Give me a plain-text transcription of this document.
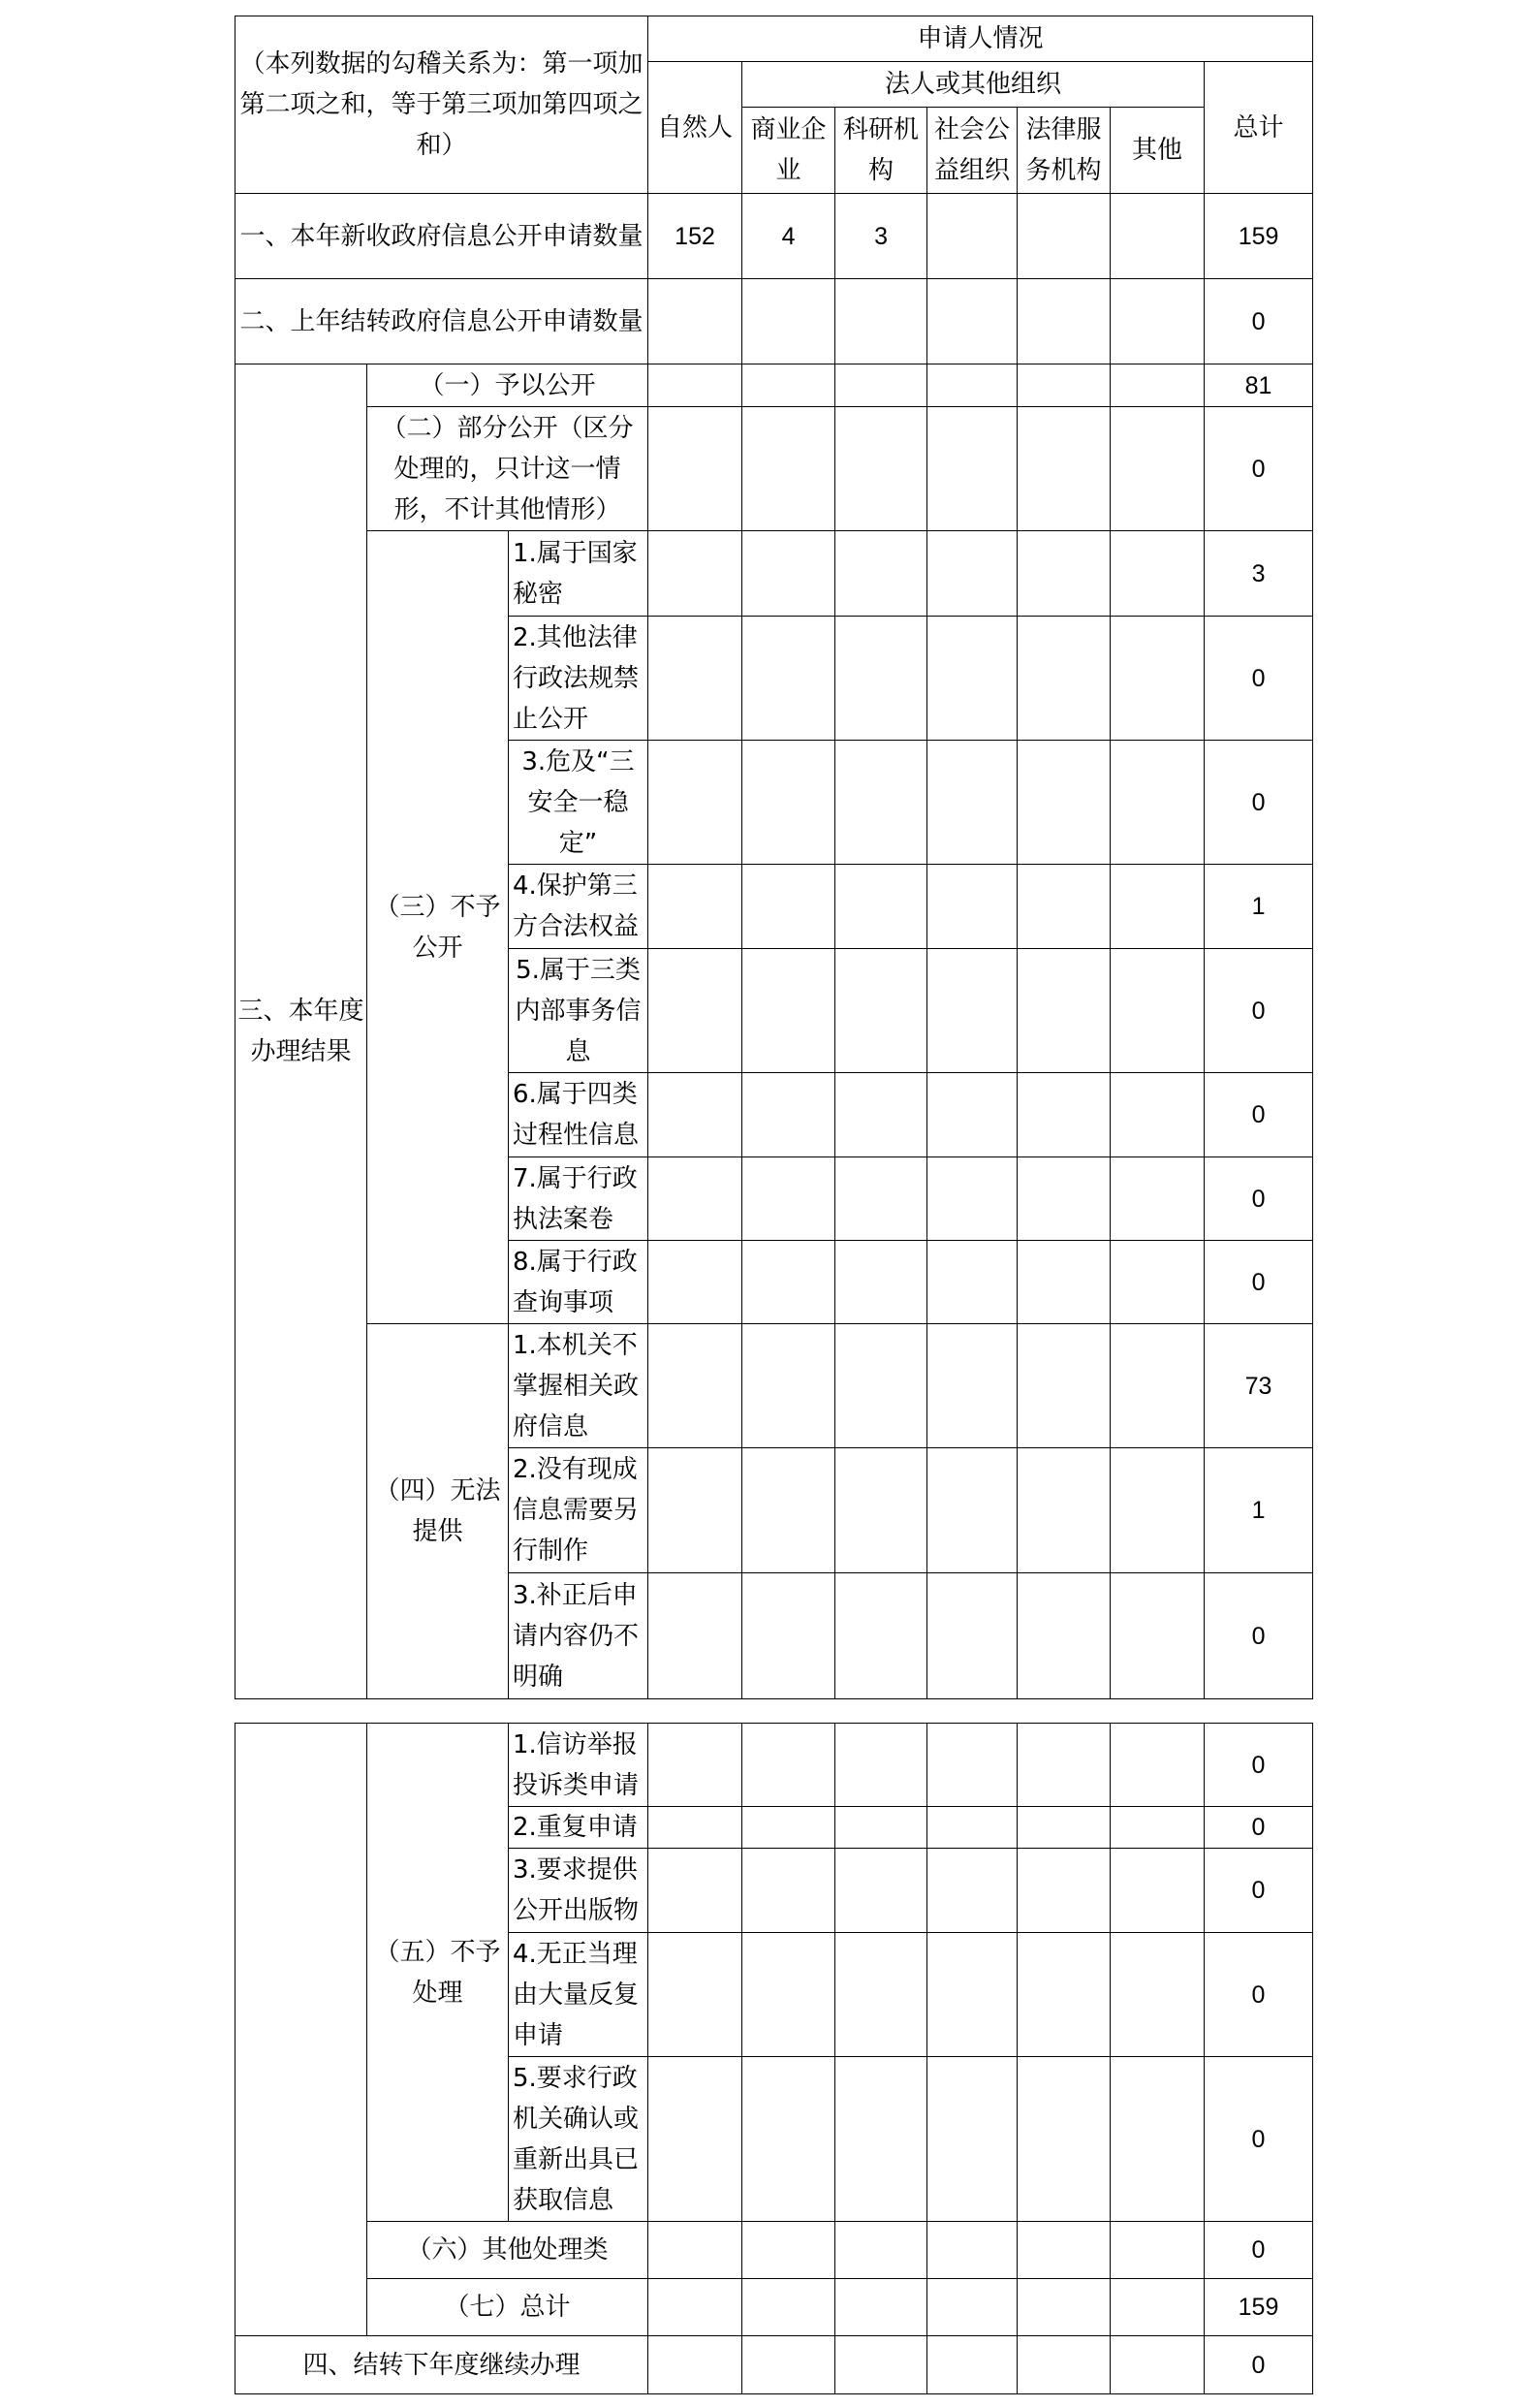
（本列数据的勾稽关系为：第一项加第二项之和，等于第三项加第四项之和）			申请人情况						
			自然人	法人或其他组织					总计
				商业企业	科研机构	社会公益组织	法律服务机构	其他	
一、本年新收政府信息公开申请数量			152	4	3				159
二、上年结转政府信息公开申请数量									0
三、本年度办理结果	（一）予以公开								81
	（二）部分公开（区分处理的，只计这一情形，不计其他情形）								0
	（三）不予公开	1.属于国家秘密							3
		2.其他法律行政法规禁止公开							0
		3.危及“三安全一稳定”							0
		4.保护第三方合法权益							1
		5.属于三类内部事务信息							0
		6.属于四类过程性信息							0
		7.属于行政执法案卷							0
		8.属于行政查询事项							0
	（四）无法提供	1.本机关不掌握相关政府信息							73
		2.没有现成信息需要另行制作							1
		3.补正后申请内容仍不明确							0
	（五）不予处理	1.信访举报投诉类申请							0
		2.重复申请							0
		3.要求提供公开出版物							0
		4.无正当理由大量反复申请							0
		5.要求行政机关确认或重新出具已获取信息							0
	（六）其他处理类								0
	（七）总计								159
四、结转下年度继续办理									0
